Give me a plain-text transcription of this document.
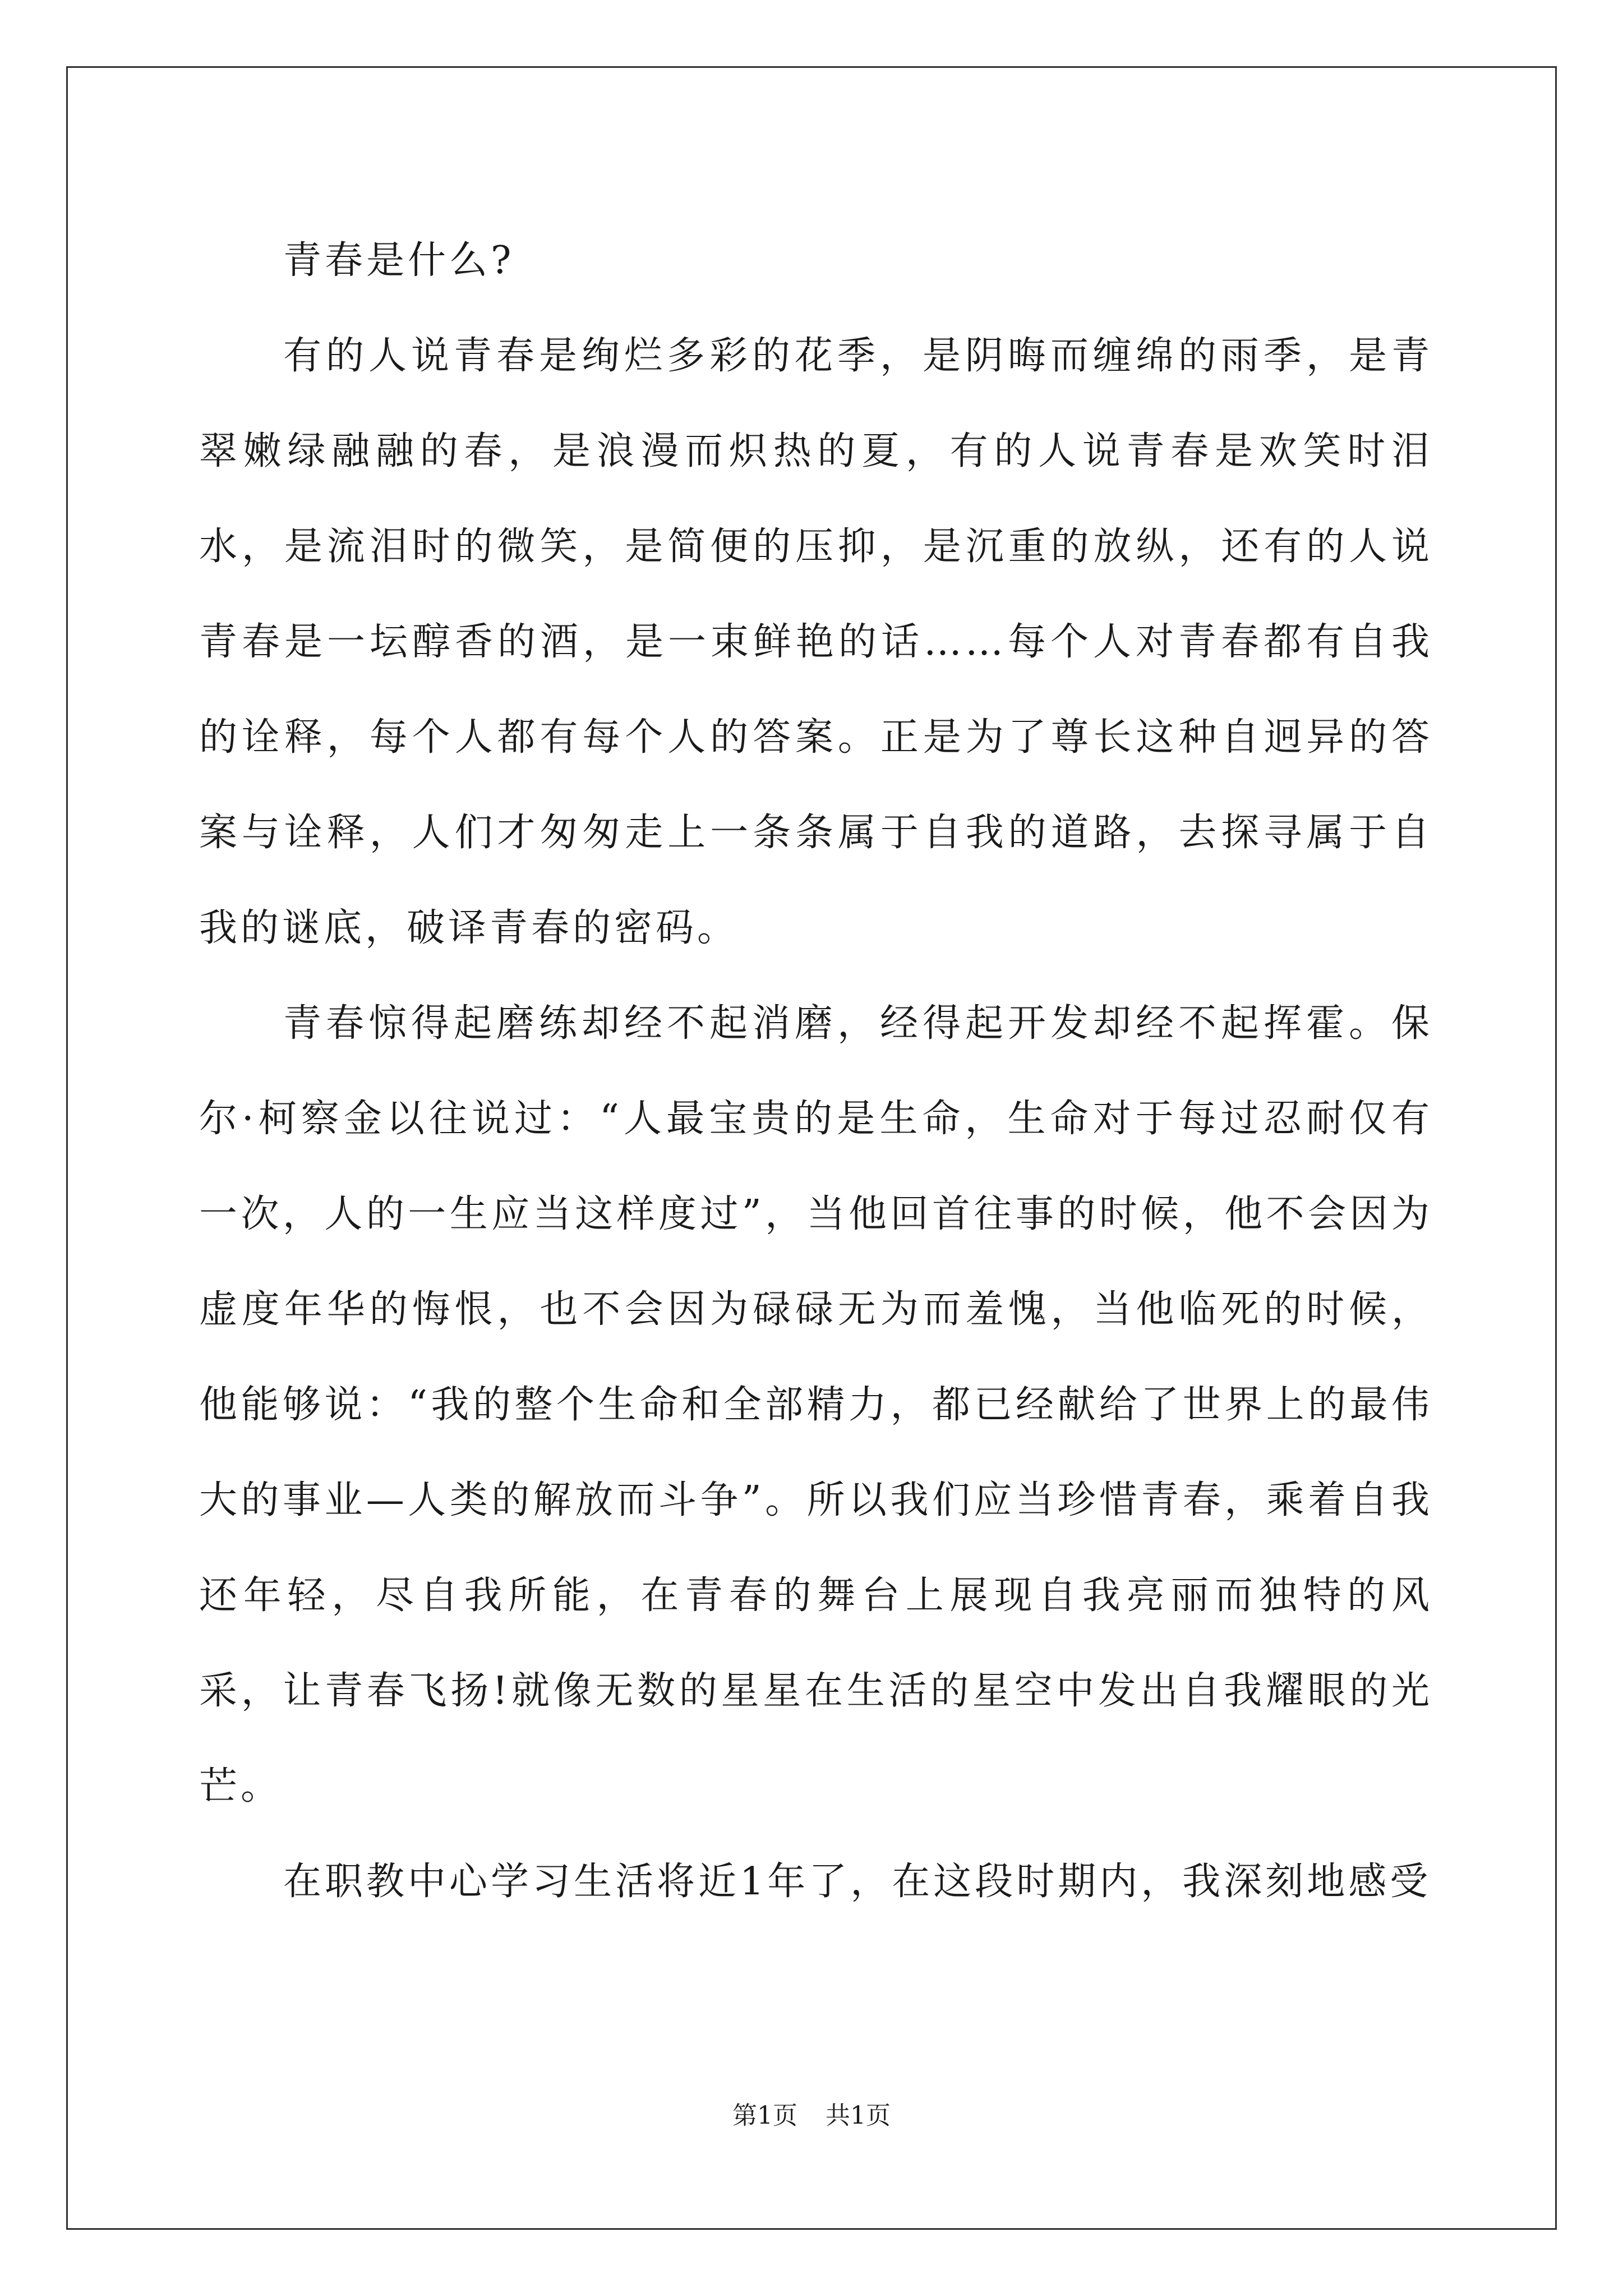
青春是什么?

有的人说青春是绚烂多彩的花季，是阴晦而缠绵的雨季，是青翠嫩绿融融的春，是浪漫而炽热的夏，有的人说青春是欢笑时泪水，是流泪时的微笑，是简便的压抑，是沉重的放纵，还有的人说青春是一坛醇香的酒，是一束鲜艳的话……每个人对青春都有自我的诠释，每个人都有每个人的答案。正是为了尊长这种自迥异的答案与诠释，人们才匆匆走上一条条属于自我的道路，去探寻属于自我的谜底，破译青春的密码。

青春惊得起磨练却经不起消磨，经得起开发却经不起挥霍。保尔·柯察金以往说过：“人最宝贵的是生命，生命对于每过忍耐仅有一次，人的一生应当这样度过”，当他回首往事的时候，他不会因为虚度年华的悔恨，也不会因为碌碌无为而羞愧，当他临死的时候，他能够说：“我的整个生命和全部精力，都已经献给了世界上的最伟大的事业—人类的解放而斗争”。所以我们应当珍惜青春，乘着自我还年轻，尽自我所能，在青春的舞台上展现自我亮丽而独特的风采，让青春飞扬!就像无数的星星在生活的星空中发出自我耀眼的光芒。

在职教中心学习生活将近1年了，在这段时期内，我深刻地感受

第1页 共1页
